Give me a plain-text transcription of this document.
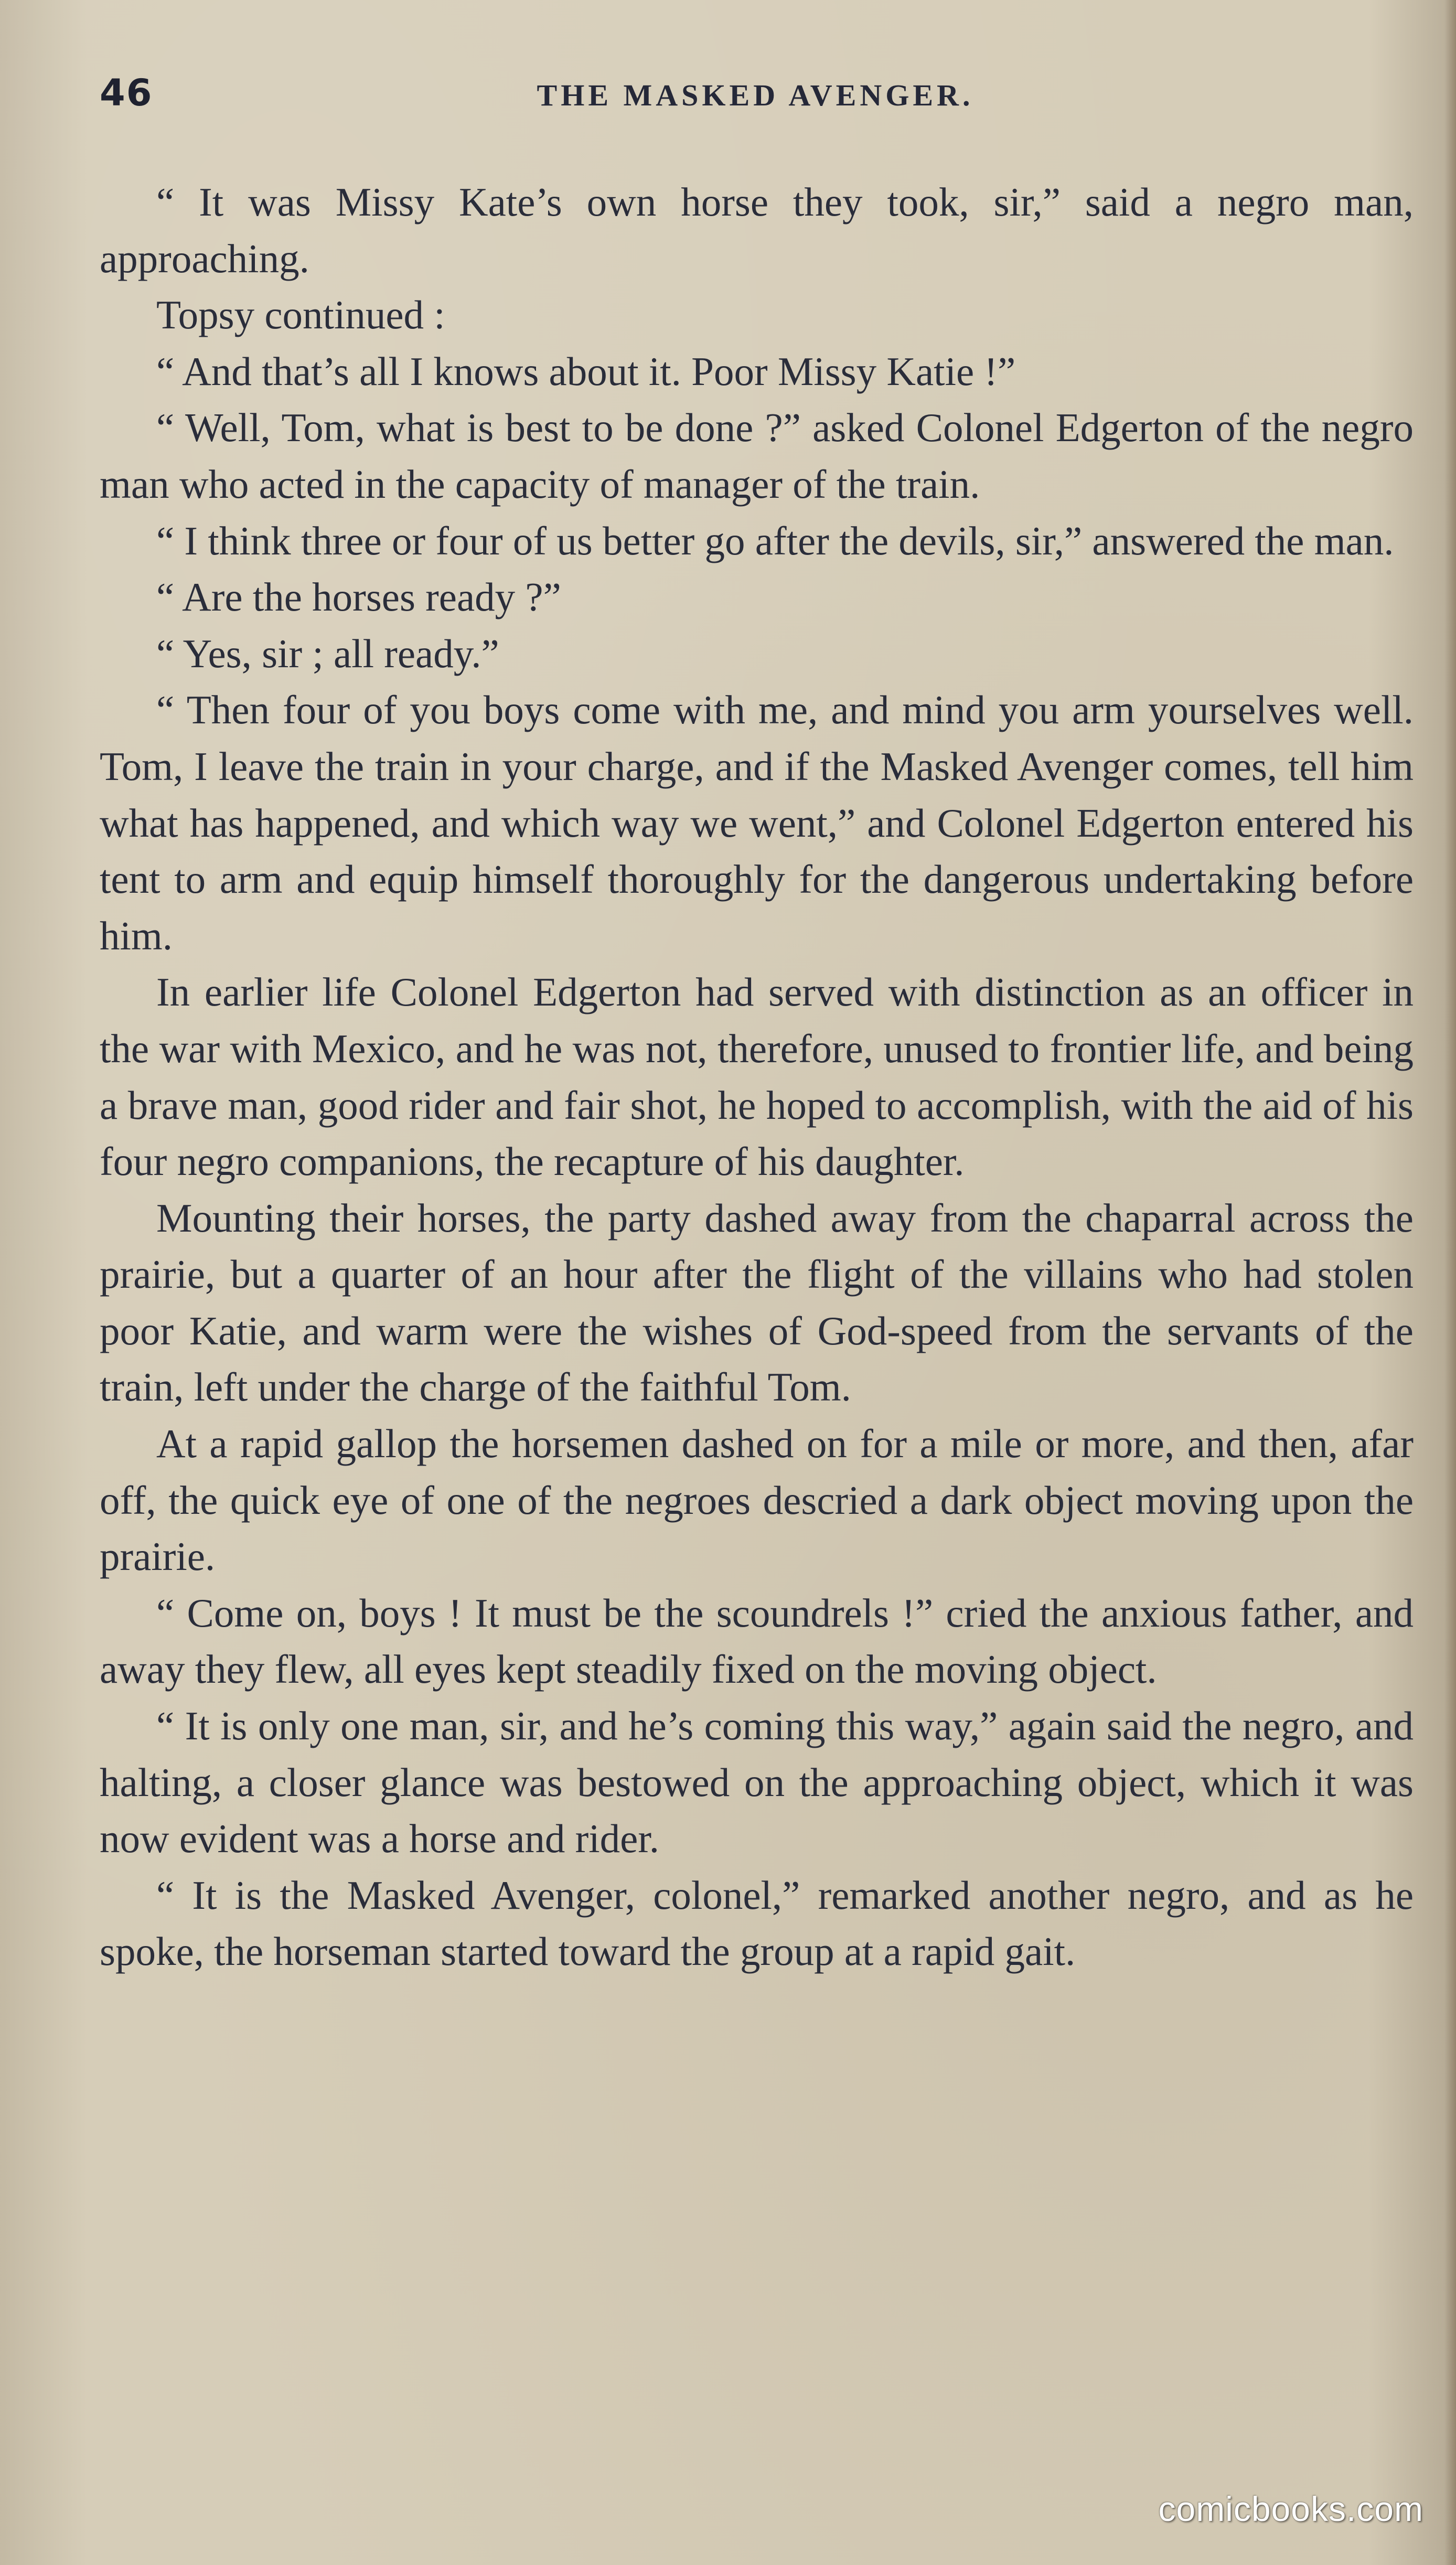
46	THE MASKED AVENGER.

“ It was Missy Kate’s own horse they took, sir,” said a negro man, approaching.

Topsy continued :

“ And that’s all I knows about it. Poor Missy Katie !”

“ Well, Tom, what is best to be done ?” asked Colonel Edgerton of the negro man who acted in the capacity of manager of the train.

“ I think three or four of us better go after the devils, sir,” answered the man.

“ Are the horses ready ?”

“ Yes, sir ; all ready.”

“ Then four of you boys come with me, and mind you arm yourselves well. Tom, I leave the train in your charge, and if the Masked Avenger comes, tell him what has happened, and which way we went,” and Colonel Edgerton entered his tent to arm and equip himself thoroughly for the dangerous undertaking before him.

In earlier life Colonel Edgerton had served with distinction as an officer in the war with Mexico, and he was not, therefore, unused to frontier life, and being a brave man, good rider and fair shot, he hoped to accomplish, with the aid of his four negro companions, the recapture of his daughter.

Mounting their horses, the party dashed away from the chaparral across the prairie, but a quarter of an hour after the flight of the villains who had stolen poor Katie, and warm were the wishes of God-speed from the servants of the train, left under the charge of the faithful Tom.

At a rapid gallop the horsemen dashed on for a mile or more, and then, afar off, the quick eye of one of the negroes descried a dark object moving upon the prairie.

“ Come on, boys ! It must be the scoundrels !” cried the anxious father, and away they flew, all eyes kept steadily fixed on the moving object.

“ It is only one man, sir, and he’s coming this way,” again said the negro, and halting, a closer glance was bestowed on the approaching object, which it was now evident was a horse and rider.

“ It is the Masked Avenger, colonel,” remarked another negro, and as he spoke, the horseman started toward the group at a rapid gait.

comicbooks.com
